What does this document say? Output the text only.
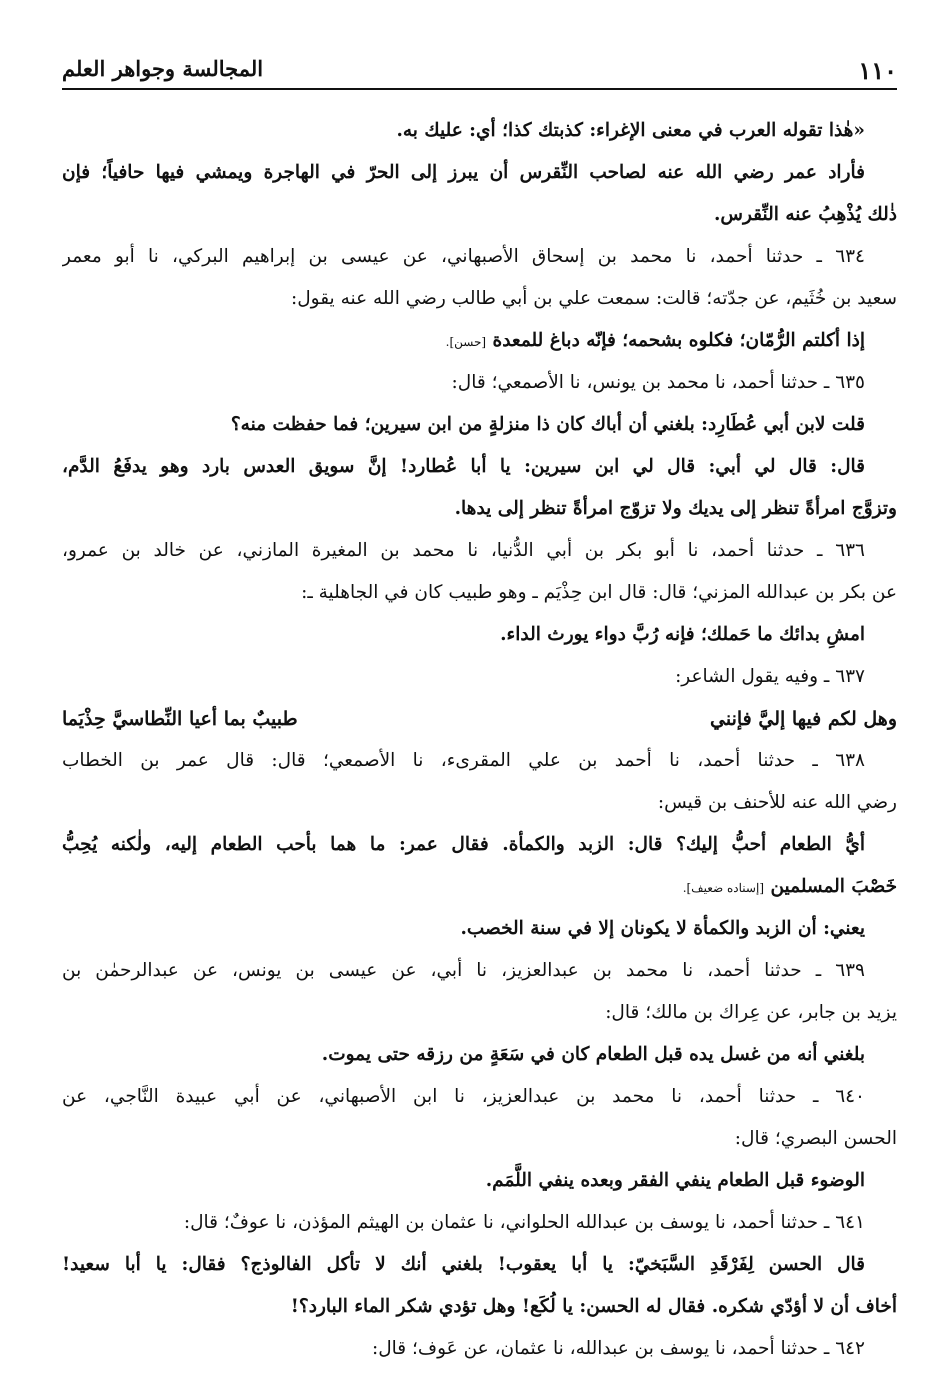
١١٠
المجالسة وجواهر العلم
«هٰذا تقوله العرب في معنى الإغراء: كذبتك كذا؛ أي: عليك به.
فأراد عمر رضي الله عنه لصاحب النِّقرس أن يبرز إلى الحرّ في الهاجرة ويمشي فيها حافياً؛ فإن
ذٰلك يُذْهِبُ عنه النِّقرس.
٦٣٤ ـ حدثنا أحمد، نا محمد بن إسحاق الأصبهاني، عن عيسى بن إبراهيم البركي، نا أبو معمر
سعيد بن خُثَيم، عن جدّته؛ قالت: سمعت علي بن أبي طالب رضي الله عنه يقول:
إذا أكلتم الرُّمّان؛ فكلوه بشحمه؛ فإنّه دباغ للمعدة [حسن].
٦٣٥ ـ حدثنا أحمد، نا محمد بن يونس، نا الأصمعي؛ قال:
قلت لابن أبي عُطَارِد: بلغني أن أباك كان ذا منزلةٍ من ابن سيرين؛ فما حفظت منه؟
قال: قال لي أبي: قال لي ابن سيرين: يا أبا عُطارد! إنَّ سويق العدس بارد وهو يدفَعُ الدَّم،
وتزوَّج امرأةً تنظر إلى يديك ولا تزوّج امرأةً تنظر إلى يدها.
٦٣٦ ـ حدثنا أحمد، نا أبو بكر بن أبي الدُّنيا، نا محمد بن المغيرة المازني، عن خالد بن عمرو،
عن بكر بن عبدالله المزني؛ قال: قال ابن حِذْيَم ـ وهو طبيب كان في الجاهلية ـ:
امشِ بدائك ما حَملك؛ فإنه رُبَّ دواء يورث الداء.
٦٣٧ ـ وفيه يقول الشاعر:
وهل لكم فيها إليَّ فإنني
طبيبٌ بما أعيا النِّطاسيَّ حِذْيَما
٦٣٨ ـ حدثنا أحمد، نا أحمد بن علي المقرىء، نا الأصمعي؛ قال: قال عمر بن الخطاب
رضي الله عنه للأحنف بن قيس:
أيُّ الطعام أحبُّ إليك؟ قال: الزبد والكمأة. فقال عمر: ما هما بأحب الطعام إليه، ولٰكنه يُحِبُّ
خَصْبَ المسلمين [إسناده ضعيف].
يعني: أن الزبد والكمأة لا يكونان إلا في سنة الخصب.
٦٣٩ ـ حدثنا أحمد، نا محمد بن عبدالعزيز، نا أبي، عن عيسى بن يونس، عن عبدالرحمٰن بن
يزيد بن جابر، عن عِراك بن مالك؛ قال:
بلغني أنه من غسل يده قبل الطعام كان في سَعَةٍ من رزقه حتى يموت.
٦٤٠ ـ حدثنا أحمد، نا محمد بن عبدالعزيز، نا ابن الأصبهاني، عن أبي عبيدة النَّاجي، عن
الحسن البصري؛ قال:
الوضوء قبل الطعام ينفي الفقر وبعده ينفي اللَّمَم.
٦٤١ ـ حدثنا أحمد، نا يوسف بن عبدالله الحلواني، نا عثمان بن الهيثم المؤذن، نا عوفٌ؛ قال:
قال الحسن لِفَرْقَدِ السَّبَخيّ: يا أبا يعقوب! بلغني أنك لا تأكل الفالوذج؟ فقال: يا أبا سعيد!
أخاف أن لا أؤدّي شكره. فقال له الحسن: يا لُكَع! وهل تؤدي شكر الماء البارد؟!
٦٤٢ ـ حدثنا أحمد، نا يوسف بن عبدالله، نا عثمان، عن عَوف؛ قال:
